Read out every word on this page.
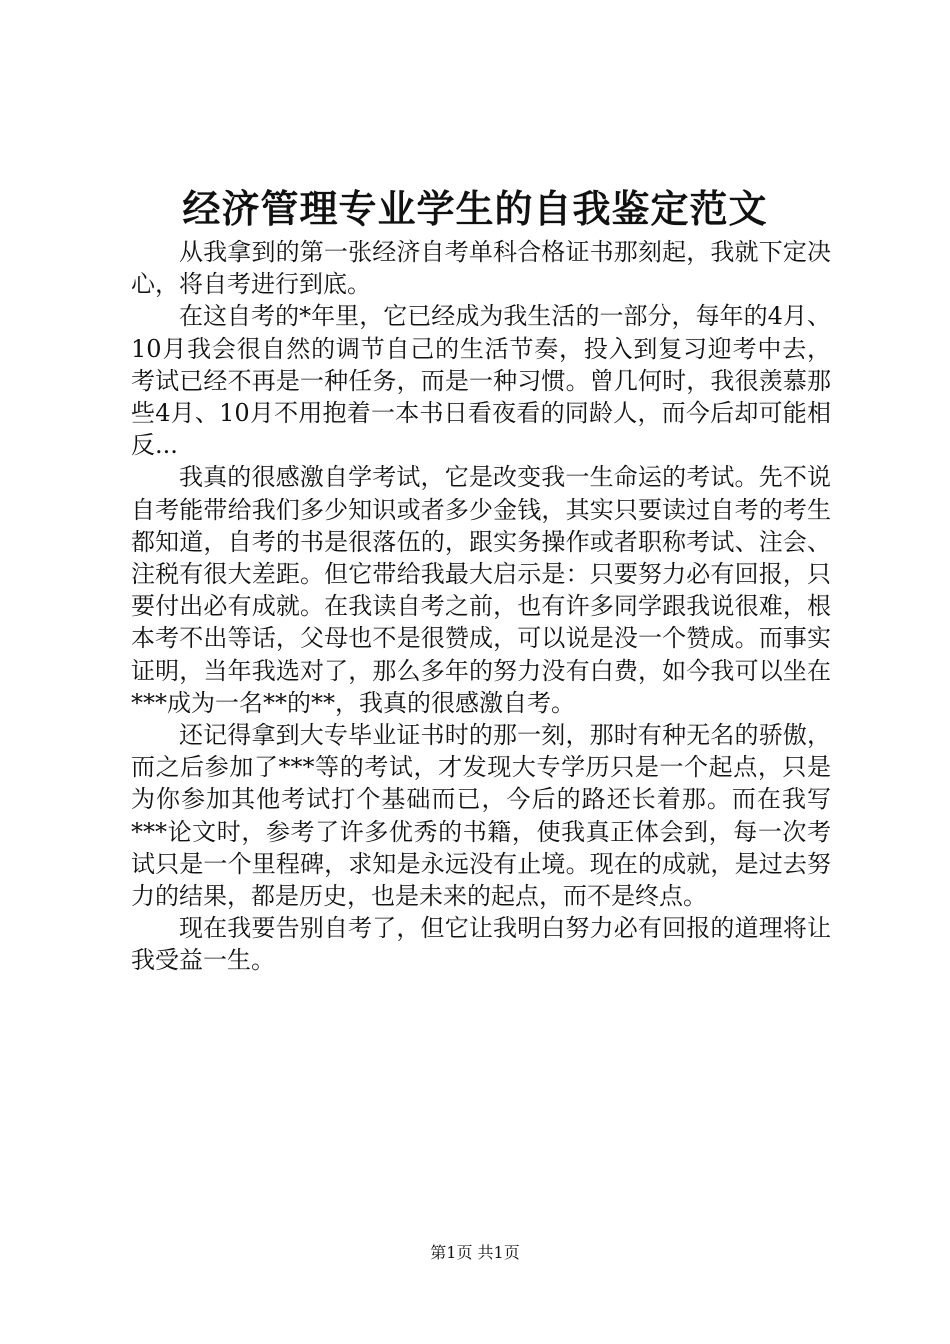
经济管理专业学生的自我鉴定范文

从我拿到的第一张经济自考单科合格证书那刻起，我就下定决心，将自考进行到底。

在这自考的*年里，它已经成为我生活的一部分，每年的4月、10月我会很自然的调节自己的生活节奏，投入到复习迎考中去，考试已经不再是一种任务，而是一种习惯。曾几何时，我很羡慕那些4月、10月不用抱着一本书日看夜看的同龄人，而今后却可能相反...

我真的很感激自学考试，它是改变我一生命运的考试。先不说自考能带给我们多少知识或者多少金钱，其实只要读过自考的考生都知道，自考的书是很落伍的，跟实务操作或者职称考试、注会、注税有很大差距。但它带给我最大启示是：只要努力必有回报，只要付出必有成就。在我读自考之前，也有许多同学跟我说很难，根本考不出等话，父母也不是很赞成，可以说是没一个赞成。而事实证明，当年我选对了，那么多年的努力没有白费，如今我可以坐在***成为一名**的**，我真的很感激自考。

还记得拿到大专毕业证书时的那一刻，那时有种无名的骄傲，而之后参加了***等的考试，才发现大专学历只是一个起点，只是为你参加其他考试打个基础而已，今后的路还长着那。而在我写***论文时，参考了许多优秀的书籍，使我真正体会到，每一次考试只是一个里程碑，求知是永远没有止境。现在的成就，是过去努力的结果，都是历史，也是未来的起点，而不是终点。

现在我要告别自考了，但它让我明白努力必有回报的道理将让我受益一生。

第1页 共1页
